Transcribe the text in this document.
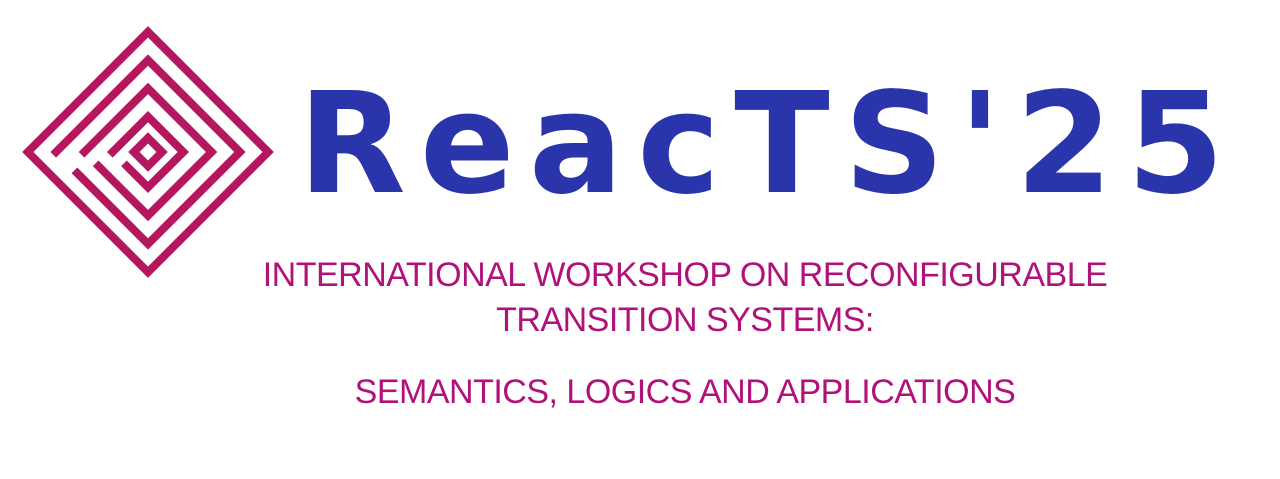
ReacTS'25
INTERNATIONAL WORKSHOP ON RECONFIGURABLE
TRANSITION SYSTEMS:
SEMANTICS, LOGICS AND APPLICATIONS
